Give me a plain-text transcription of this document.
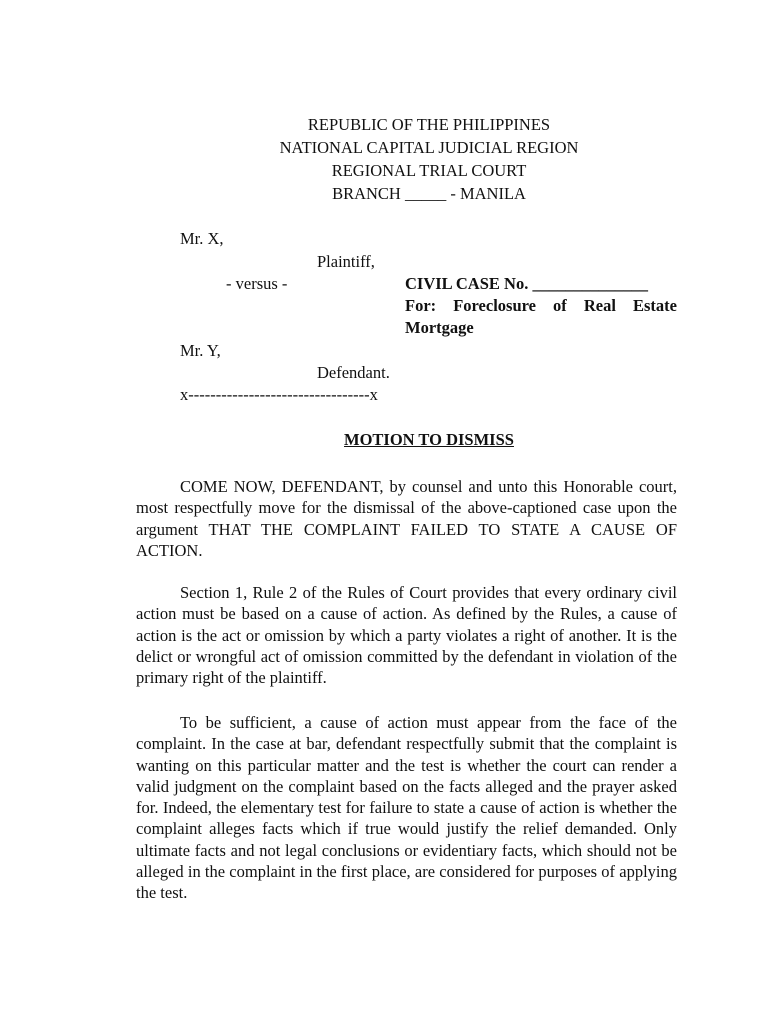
REPUBLIC OF THE PHILIPPINES
NATIONAL CAPITAL JUDICIAL REGION
REGIONAL TRIAL COURT
BRANCH _____ - MANILA
Mr. X,
Plaintiff,
- versus -	CIVIL CASE No. ______________
For: Foreclosure of Real Estate
Mortgage
Mr. Y,
Defendant.
x---------------------------------x
MOTION TO DISMISS

COME NOW, DEFENDANT, by counsel and unto this Honorable court, most respectfully move for the dismissal of the above-captioned case upon the argument THAT THE COMPLAINT FAILED TO STATE A CAUSE OF ACTION.

Section 1, Rule 2 of the Rules of Court provides that every ordinary civil action must be based on a cause of action. As defined by the Rules, a cause of action is the act or omission by which a party violates a right of another. It is the delict or wrongful act of omission committed by the defendant in violation of the primary right of the plaintiff.

To be sufficient, a cause of action must appear from the face of the complaint. In the case at bar, defendant respectfully submit that the complaint is wanting on this particular matter and the test is whether the court can render a valid judgment on the complaint based on the facts alleged and the prayer asked for. Indeed, the elementary test for failure to state a cause of action is whether the complaint alleges facts which if true would justify the relief demanded. Only ultimate facts and not legal conclusions or evidentiary facts, which should not be alleged in the complaint in the first place, are considered for purposes of applying the test.
